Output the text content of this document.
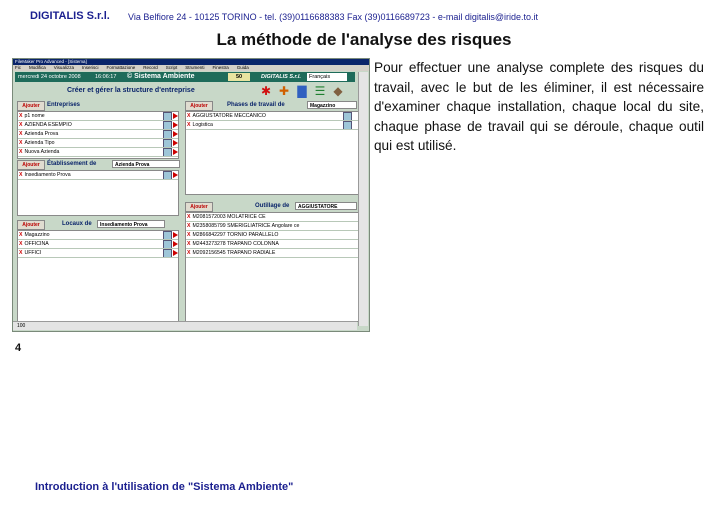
DIGITALIS S.r.l. Via Belfiore 24 - 10125 TORINO - tel. (39)0116688383 Fax (39)0116689723 - e-mail digitalis@iride.to.it
La méthode de l'analyse des risques
FileMaker Pro Advanced - [Sistema]
Fic Modifica Visualizza Inserisci Formattazione Record Script Strumenti Finestra Guida
mercredi 24 octobre 2008	16:06:17 © Sistema Ambiente	50	DIGITALIS S.r.l.	Français
Créer et gérer la structure d'entreprise	✱ ✚ ▇ ☰ ◆
Ajouter	Entreprises
X p1 nome
X AZIENDA ESEMPIO
X Azienda Prova
X Azienda Tipo
X Nuova Azienda
Ajouter	Établissement de	Azienda Prova
X Insediamento Prova
Ajouter	Locaux de	Insediamento Prova
X Magazzino
X OFFICINA
X UFFICI
Ajouter	Phases de travail de	Magazzino
X AGGIUSTATORE MECCANICO
X Logistica
Ajouter	Outillage de	AGGIUSTATORE
X M2081572003 MOLATRICE CE
X M2358085799 SMERIGLIATRICE Angolare ce
X M2866842297 TORNIO PARALLELO
X M2443273278 TRAPANO COLONNA
X M2092156545 TRAPANO RADIALE
100
Pour effectuer une analyse complete des risques du travail, avec le but de les éliminer, il est nécessaire d'examiner chaque installation, chaque local du site, chaque phase de travail qui se déroule, chaque outil qui est utilisé.
4
Introduction à l'utilisation de "Sistema Ambiente"
